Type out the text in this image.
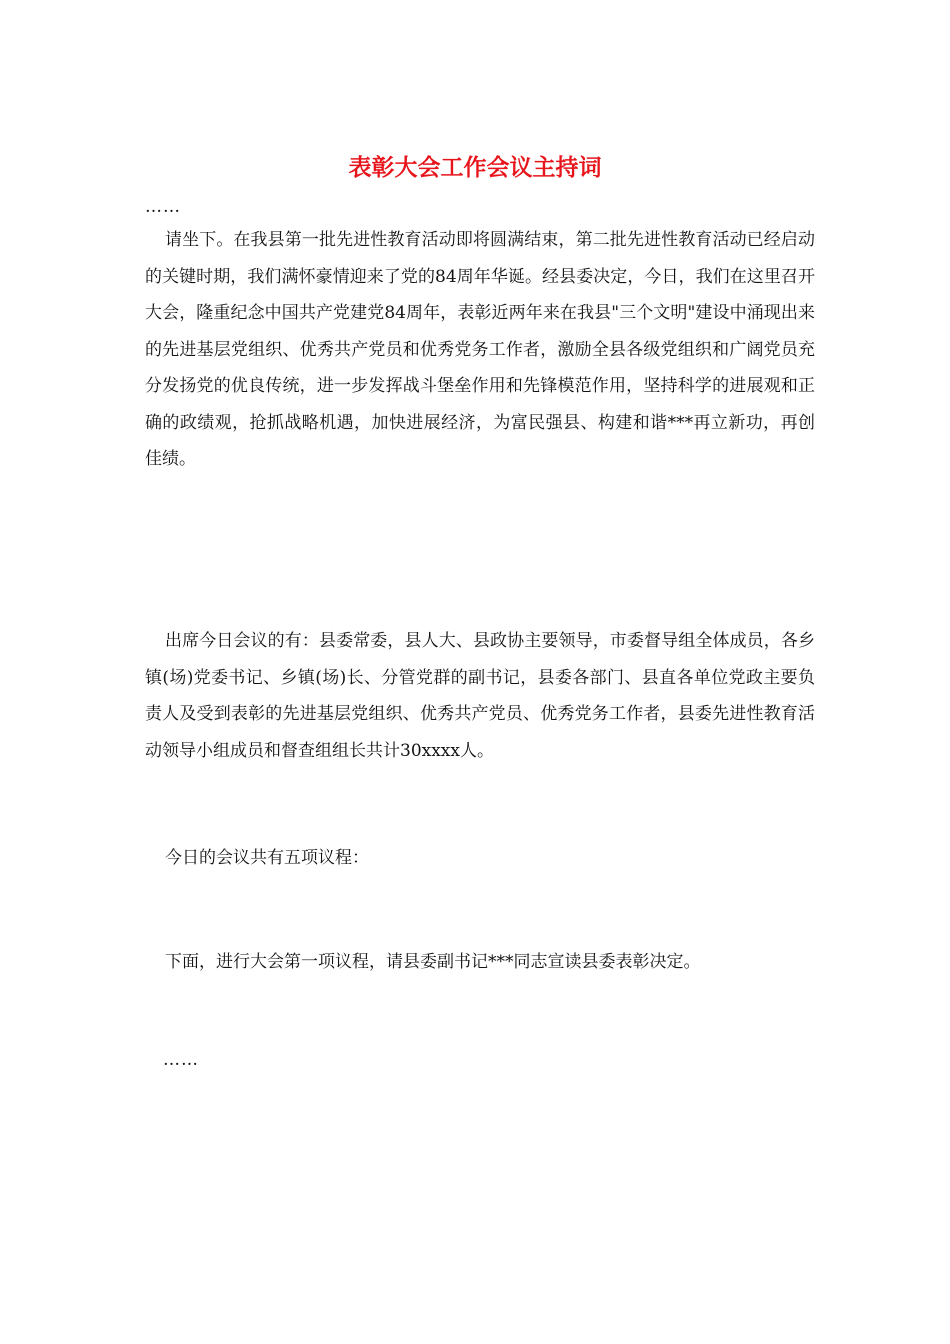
表彰大会工作会议主持词

……

请坐下。在我县第一批先进性教育活动即将圆满结束，第二批先进性教育活动已经启动的关键时期，我们满怀豪情迎来了党的84周年华诞。经县委决定，今日，我们在这里召开大会，隆重纪念中国共产党建党84周年，表彰近两年来在我县"三个文明"建设中涌现出来的先进基层党组织、优秀共产党员和优秀党务工作者，激励全县各级党组织和广阔党员充分发扬党的优良传统，进一步发挥战斗堡垒作用和先锋模范作用，坚持科学的进展观和正确的政绩观，抢抓战略机遇，加快进展经济，为富民强县、构建和谐***再立新功，再创佳绩。

出席今日会议的有：县委常委，县人大、县政协主要领导，市委督导组全体成员，各乡镇(场)党委书记、乡镇(场)长、分管党群的副书记，县委各部门、县直各单位党政主要负责人及受到表彰的先进基层党组织、优秀共产党员、优秀党务工作者，县委先进性教育活动领导小组成员和督查组组长共计30xxxx人。

今日的会议共有五项议程：

下面，进行大会第一项议程，请县委副书记***同志宣读县委表彰决定。

……
